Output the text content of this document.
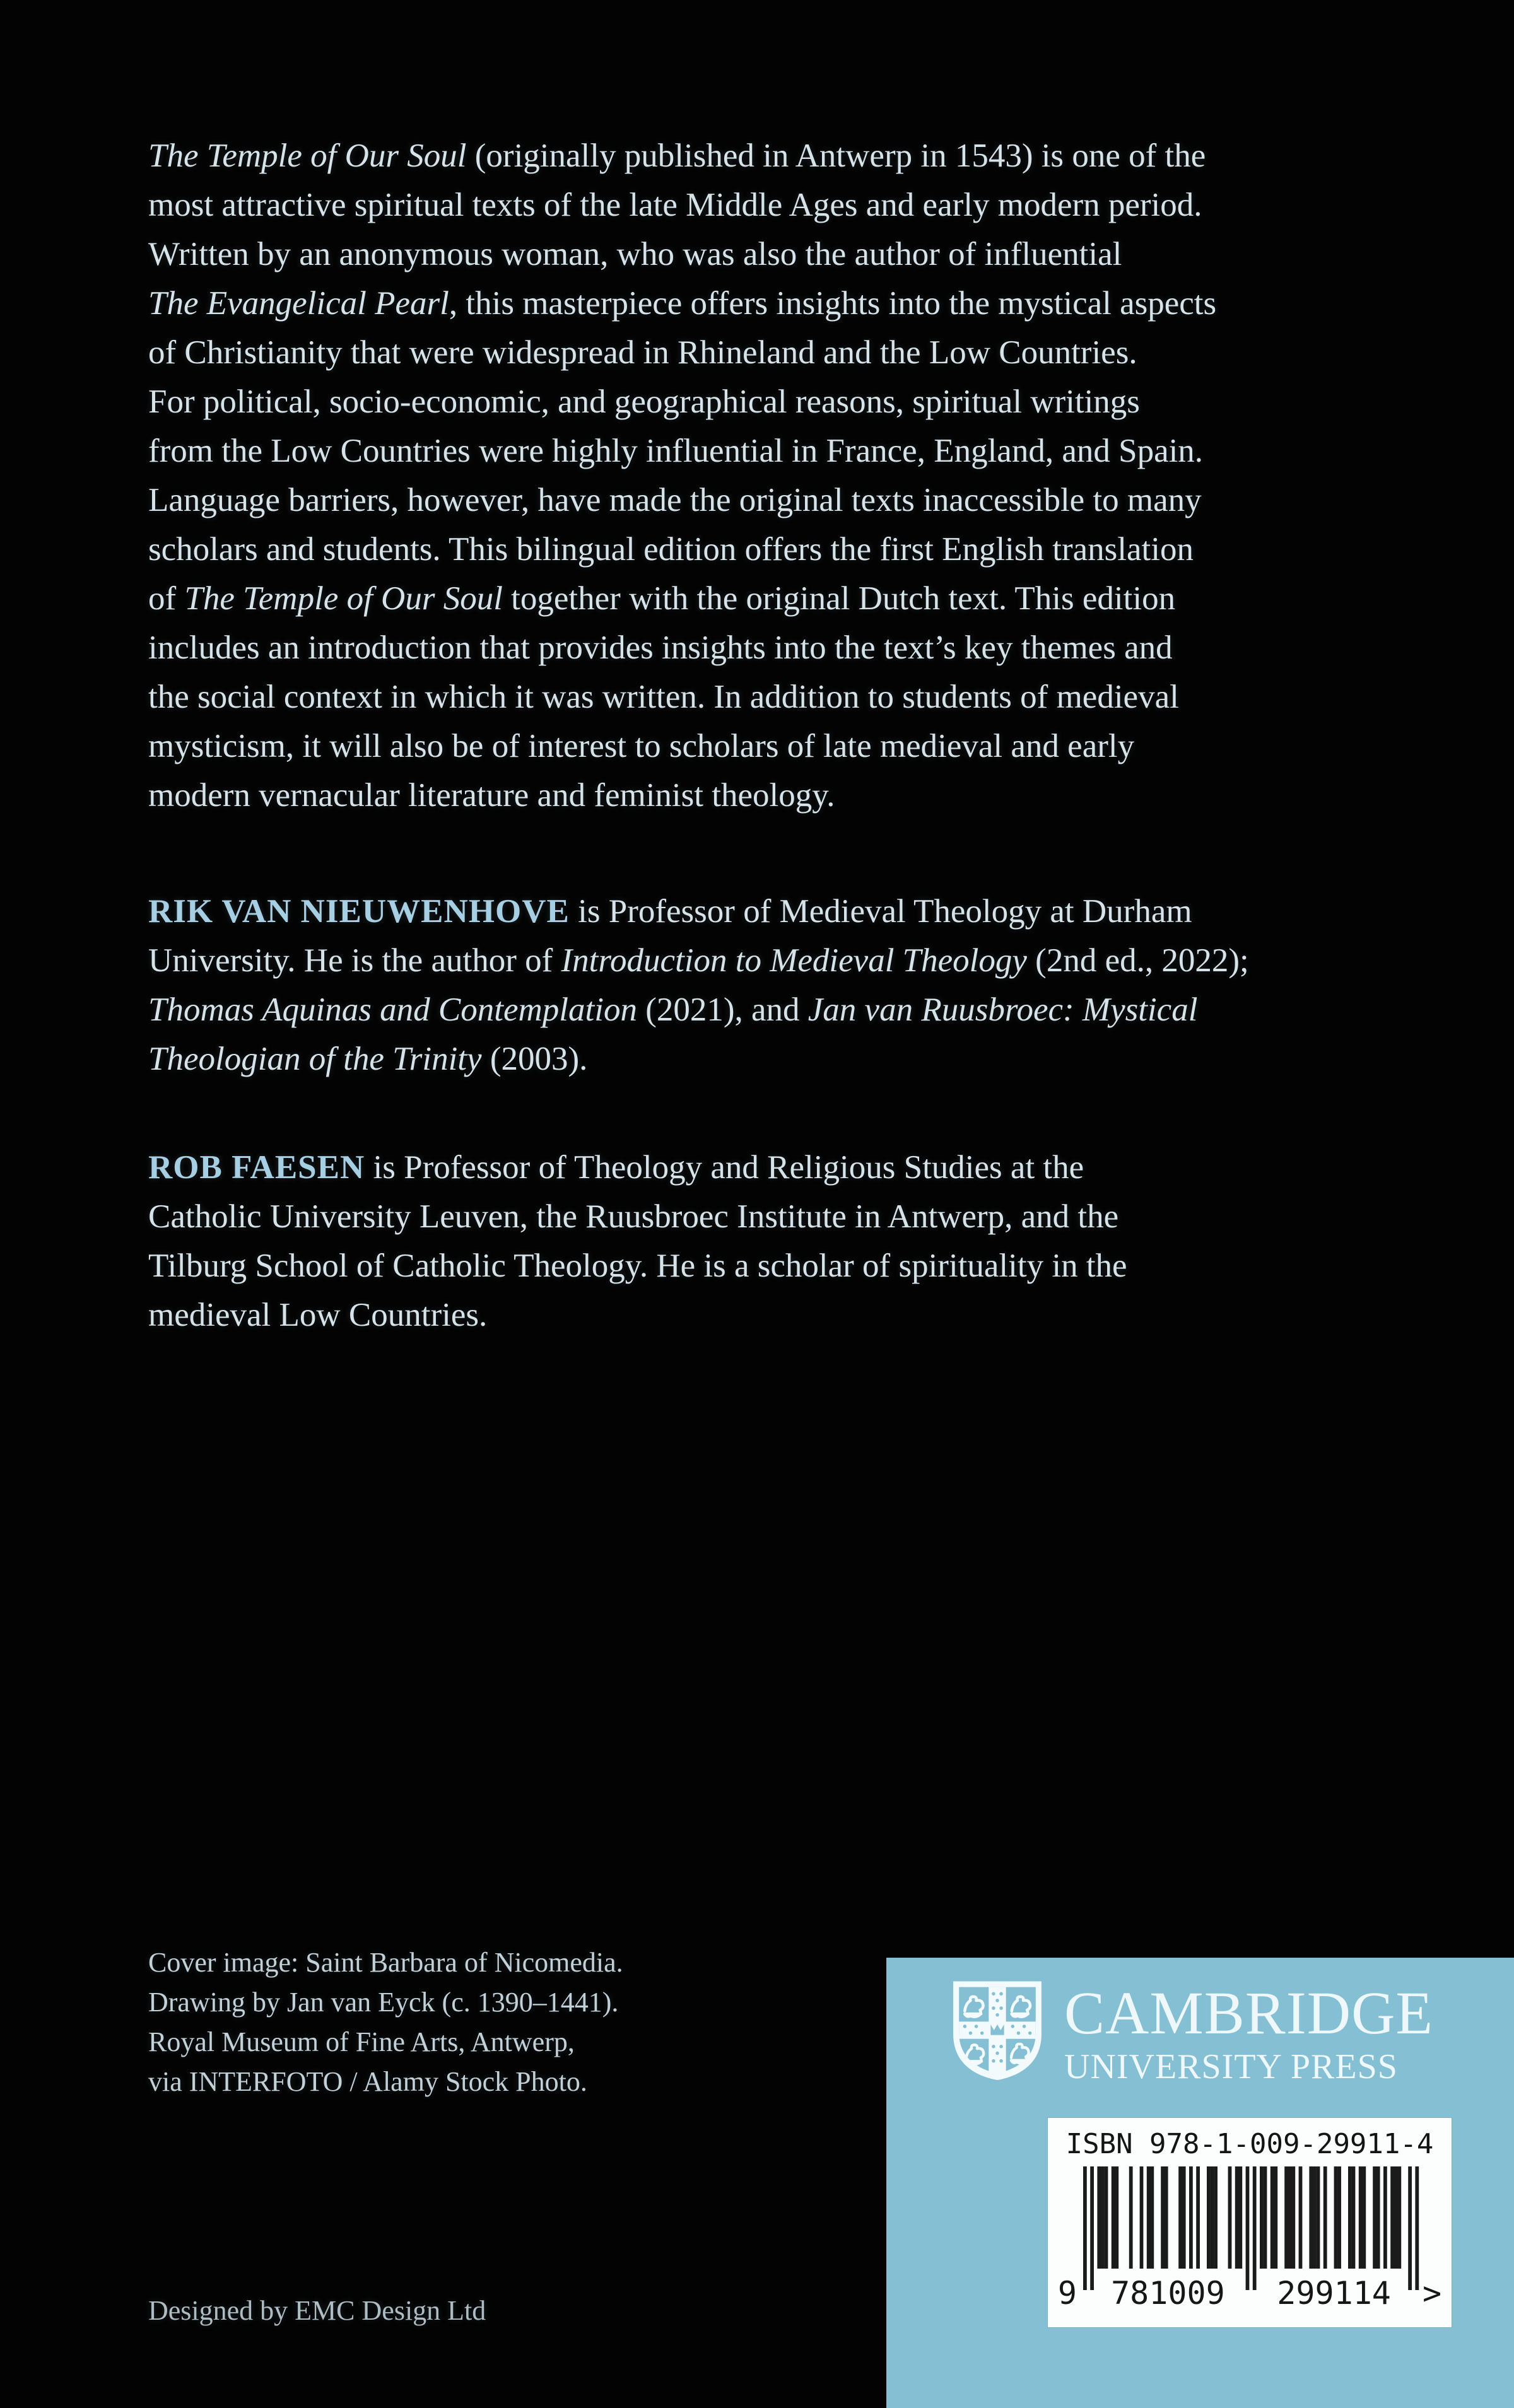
The Temple of Our Soul (originally published in Antwerp in 1543) is one of the
most attractive spiritual texts of the late Middle Ages and early modern period.
Written by an anonymous woman, who was also the author of influential
The Evangelical Pearl, this masterpiece offers insights into the mystical aspects
of Christianity that were widespread in Rhineland and the Low Countries.
For political, socio-economic, and geographical reasons, spiritual writings
from the Low Countries were highly influential in France, England, and Spain.
Language barriers, however, have made the original texts inaccessible to many
scholars and students. This bilingual edition offers the first English translation
of The Temple of Our Soul together with the original Dutch text. This edition
includes an introduction that provides insights into the text’s key themes and
the social context in which it was written. In addition to students of medieval
mysticism, it will also be of interest to scholars of late medieval and early
modern vernacular literature and feminist theology.
RIK VAN NIEUWENHOVE is Professor of Medieval Theology at Durham
University. He is the author of Introduction to Medieval Theology (2nd ed., 2022);
Thomas Aquinas and Contemplation (2021), and Jan van Ruusbroec: Mystical
Theologian of the Trinity (2003).
ROB FAESEN is Professor of Theology and Religious Studies at the
Catholic University Leuven, the Ruusbroec Institute in Antwerp, and the
Tilburg School of Catholic Theology. He is a scholar of spirituality in the
medieval Low Countries.
Cover image: Saint Barbara of Nicomedia.
Drawing by Jan van Eyck (c. 1390–1441).
Royal Museum of Fine Arts, Antwerp,
via INTERFOTO / Alamy Stock Photo.
Designed by EMC Design Ltd
CAMBRIDGE
UNIVERSITY PRESS
ISBN 978-1-009-29911-4
9 781009 299114 >
